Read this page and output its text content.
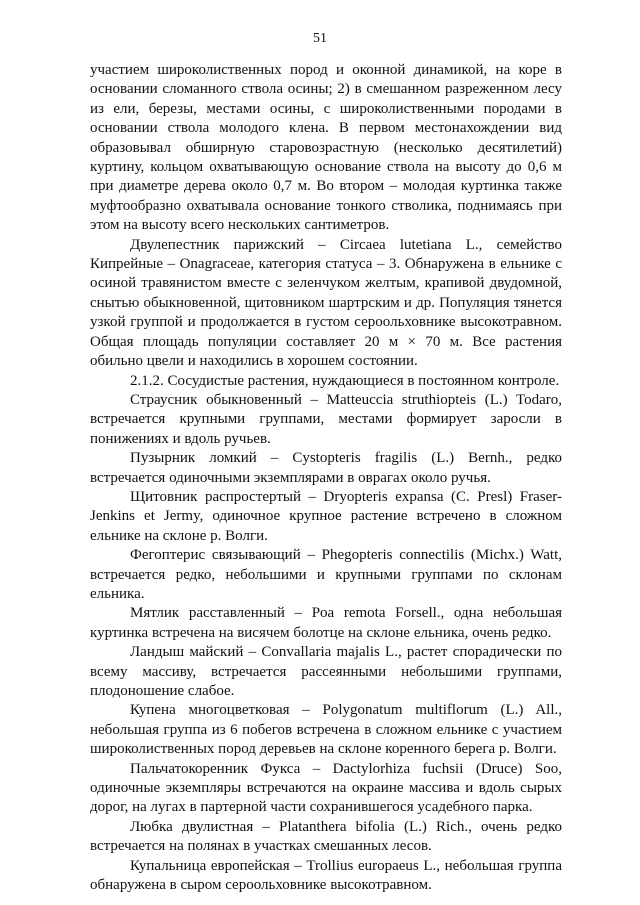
51

участием широколиственных пород и оконной динамикой, на коре в основании сломанного ствола осины; 2) в смешанном разреженном лесу из ели, березы, местами осины, с широколиственными породами в основании ствола молодого клена. В первом местонахождении вид образовывал обширную старовозрастную (несколько десятилетий) куртину, кольцом охватывающую основание ствола на высоту до 0,6 м при диаметре дерева около 0,7 м. Во втором – молодая куртинка также муфтообразно охватывала основание тонкого стволика, поднимаясь при этом на высоту всего нескольких сантиметров.

Двулепестник парижский – Circaea lutetiana L., семейство Кипрейные – Onagraceae, категория статуса – 3. Обнаружена в ельнике с осиной травянистом вместе с зеленчуком желтым, крапивой двудомной, снытью обыкновенной, щитовником шартрским и др. Популяция тянется узкой группой и продолжается в густом сероольховнике высокотравном. Общая площадь популяции составляет 20 м × 70 м. Все растения обильно цвели и находились в хорошем состоянии.

2.1.2. Сосудистые растения, нуждающиеся в постоянном контроле.

Страусник обыкновенный – Matteuccia struthiopteis (L.) Todaro, встречается крупными группами, местами формирует заросли в понижениях и вдоль ручьев.

Пузырник ломкий – Cystopteris fragilis (L.) Bernh., редко встречается одиночными экземплярами в оврагах около ручья.

Щитовник распростертый – Dryopteris expansa (C. Presl) Fraser-Jenkins et Jermy, одиночное крупное растение встречено в сложном ельнике на склоне р. Волги.

Фегоптерис связывающий – Phegopteris connectilis (Michx.) Watt, встречается редко, небольшими и крупными группами по склонам ельника.

Мятлик расставленный – Poa remota Forsell., одна небольшая куртинка встречена на висячем болотце на склоне ельника, очень редко.

Ландыш майский – Convallaria majalis L., растет спорадически по всему массиву, встречается рассеянными небольшими группами, плодоношение слабое.

Купена многоцветковая – Polygonatum multiflorum (L.) All., небольшая группа из 6 побегов встречена в сложном ельнике с участием широколиственных пород деревьев на склоне коренного берега р. Волги.

Пальчатокоренник Фукса – Dactylorhiza fuchsii (Druce) Soo, одиночные экземпляры встречаются на окраине массива и вдоль сырых дорог, на лугах в партерной части сохранившегося усадебного парка.

Любка двулистная – Platanthera bifolia (L.) Rich., очень редко встречается на полянах в участках смешанных лесов.

Купальница европейская – Trollius europaeus L., небольшая группа обнаружена в сыром сероольховнике высокотравном.
